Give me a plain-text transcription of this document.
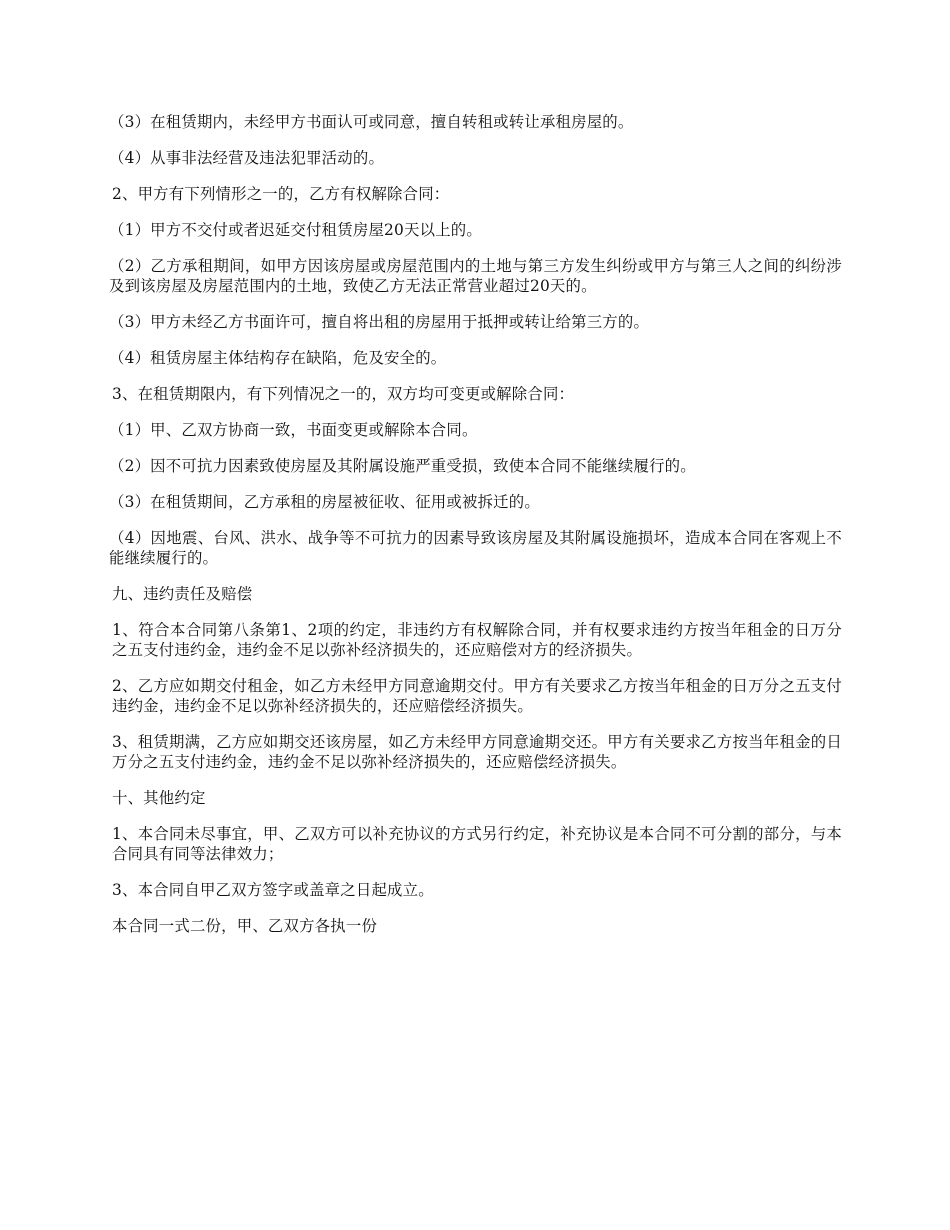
（3）在租赁期内，未经甲方书面认可或同意，擅自转租或转让承租房屋的。

（4）从事非法经营及违法犯罪活动的。

2、甲方有下列情形之一的，乙方有权解除合同：

（1）甲方不交付或者迟延交付租赁房屋20天以上的。

（2）乙方承租期间，如甲方因该房屋或房屋范围内的土地与第三方发生纠纷或甲方与第三人之间的纠纷涉及到该房屋及房屋范围内的土地，致使乙方无法正常营业超过20天的。

（3）甲方未经乙方书面许可，擅自将出租的房屋用于抵押或转让给第三方的。

（4）租赁房屋主体结构存在缺陷，危及安全的。

3、在租赁期限内，有下列情况之一的，双方均可变更或解除合同：

（1）甲、乙双方协商一致，书面变更或解除本合同。

（2）因不可抗力因素致使房屋及其附属设施严重受损，致使本合同不能继续履行的。

（3）在租赁期间，乙方承租的房屋被征收、征用或被拆迁的。

（4）因地震、台风、洪水、战争等不可抗力的因素导致该房屋及其附属设施损坏，造成本合同在客观上不能继续履行的。

九、违约责任及赔偿

1、符合本合同第八条第1、2项的约定，非违约方有权解除合同，并有权要求违约方按当年租金的日万分之五支付违约金，违约金不足以弥补经济损失的，还应赔偿对方的经济损失。

2、乙方应如期交付租金，如乙方未经甲方同意逾期交付。甲方有关要求乙方按当年租金的日万分之五支付违约金，违约金不足以弥补经济损失的，还应赔偿经济损失。

3、租赁期满，乙方应如期交还该房屋，如乙方未经甲方同意逾期交还。甲方有关要求乙方按当年租金的日万分之五支付违约金，违约金不足以弥补经济损失的，还应赔偿经济损失。

十、其他约定

1、本合同未尽事宜，甲、乙双方可以补充协议的方式另行约定，补充协议是本合同不可分割的部分，与本合同具有同等法律效力；

3、本合同自甲乙双方签字或盖章之日起成立。

本合同一式二份，甲、乙双方各执一份
